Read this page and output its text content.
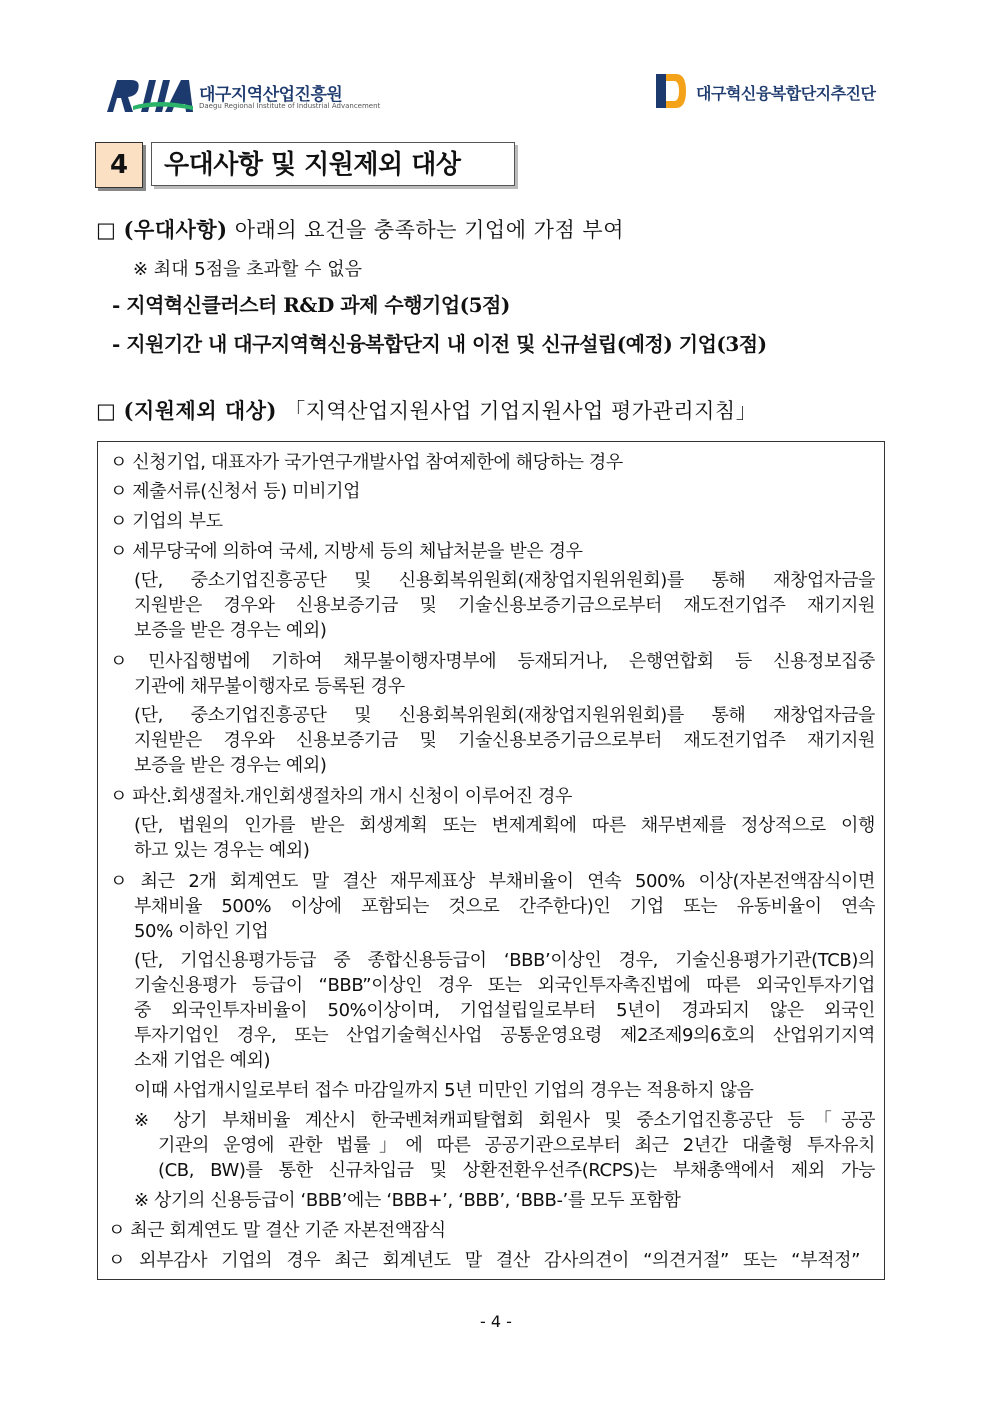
대구지역산업진흥원
Daegu Regional Institute of Industrial Advancement
대구혁신융복합단지추진단
4	우대사항 및 지원제외 대상
□ (우대사항) 아래의 요건을 충족하는 기업에 가점 부여
※ 최대 5점을 초과할 수 없음
- 지역혁신클러스터 R&D 과제 수행기업(5점)
- 지원기간 내 대구지역혁신융복합단지 내 이전 및 신규설립(예정) 기업(3점)
□ (지원제외 대상) 「지역산업지원사업 기업지원사업 평가관리지침」
ㅇ 신청기업, 대표자가 국가연구개발사업 참여제한에 해당하는 경우
ㅇ 제출서류(신청서 등) 미비기업
ㅇ 기업의 부도
ㅇ 세무당국에 의하여 국세, 지방세 등의 체납처분을 받은 경우
(단, 중소기업진흥공단 및 신용회복위원회(재창업지원위원회)를 통해 재창업자금을
지원받은 경우와 신용보증기금 및 기술신용보증기금으로부터 재도전기업주 재기지원
보증을 받은 경우는 예외)
ㅇ 민사집행법에 기하여 채무불이행자명부에 등재되거나, 은행연합회 등 신용정보집중
기관에 채무불이행자로 등록된 경우
(단, 중소기업진흥공단 및 신용회복위원회(재창업지원위원회)를 통해 재창업자금을
지원받은 경우와 신용보증기금 및 기술신용보증기금으로부터 재도전기업주 재기지원
보증을 받은 경우는 예외)
ㅇ 파산.회생절차.개인회생절차의 개시 신청이 이루어진 경우
(단, 법원의 인가를 받은 회생계획 또는 변제계획에 따른 채무변제를 정상적으로 이행
하고 있는 경우는 예외)
ㅇ 최근 2개 회계연도 말 결산 재무제표상 부채비율이 연속 500% 이상(자본전액잠식이면
부채비율 500% 이상에 포함되는 것으로 간주한다)인 기업 또는 유동비율이 연속
50% 이하인 기업
(단, 기업신용평가등급 중 종합신용등급이 ‘BBB’이상인 경우, 기술신용평가기관(TCB)의
기술신용평가 등급이 “BBB”이상인 경우 또는 외국인투자촉진법에 따른 외국인투자기업
중 외국인투자비율이 50%이상이며, 기업설립일로부터 5년이 경과되지 않은 외국인
투자기업인 경우, 또는 산업기술혁신사업 공통운영요령 제2조제9의6호의 산업위기지역
소재 기업은 예외)
이때 사업개시일로부터 접수 마감일까지 5년 미만인 기업의 경우는 적용하지 않음
※ 상기 부채비율 계산시 한국벤쳐캐피탈협회 회원사 및 중소기업진흥공단 등「공공
기관의 운영에 관한 법률」에 따른 공공기관으로부터 최근 2년간 대출형 투자유치
(CB, BW)를 통한 신규차입금 및 상환전환우선주(RCPS)는 부채총액에서 제외 가능
※ 상기의 신용등급이 ‘BBB’에는 ‘BBB+’, ‘BBB’, ‘BBB-’를 모두 포함함
ㅇ 최근 회계연도 말 결산 기준 자본전액잠식
ㅇ 외부감사 기업의 경우 최근 회계년도 말 결산 감사의견이 “의견거절” 또는 “부적정”
- 4 -
